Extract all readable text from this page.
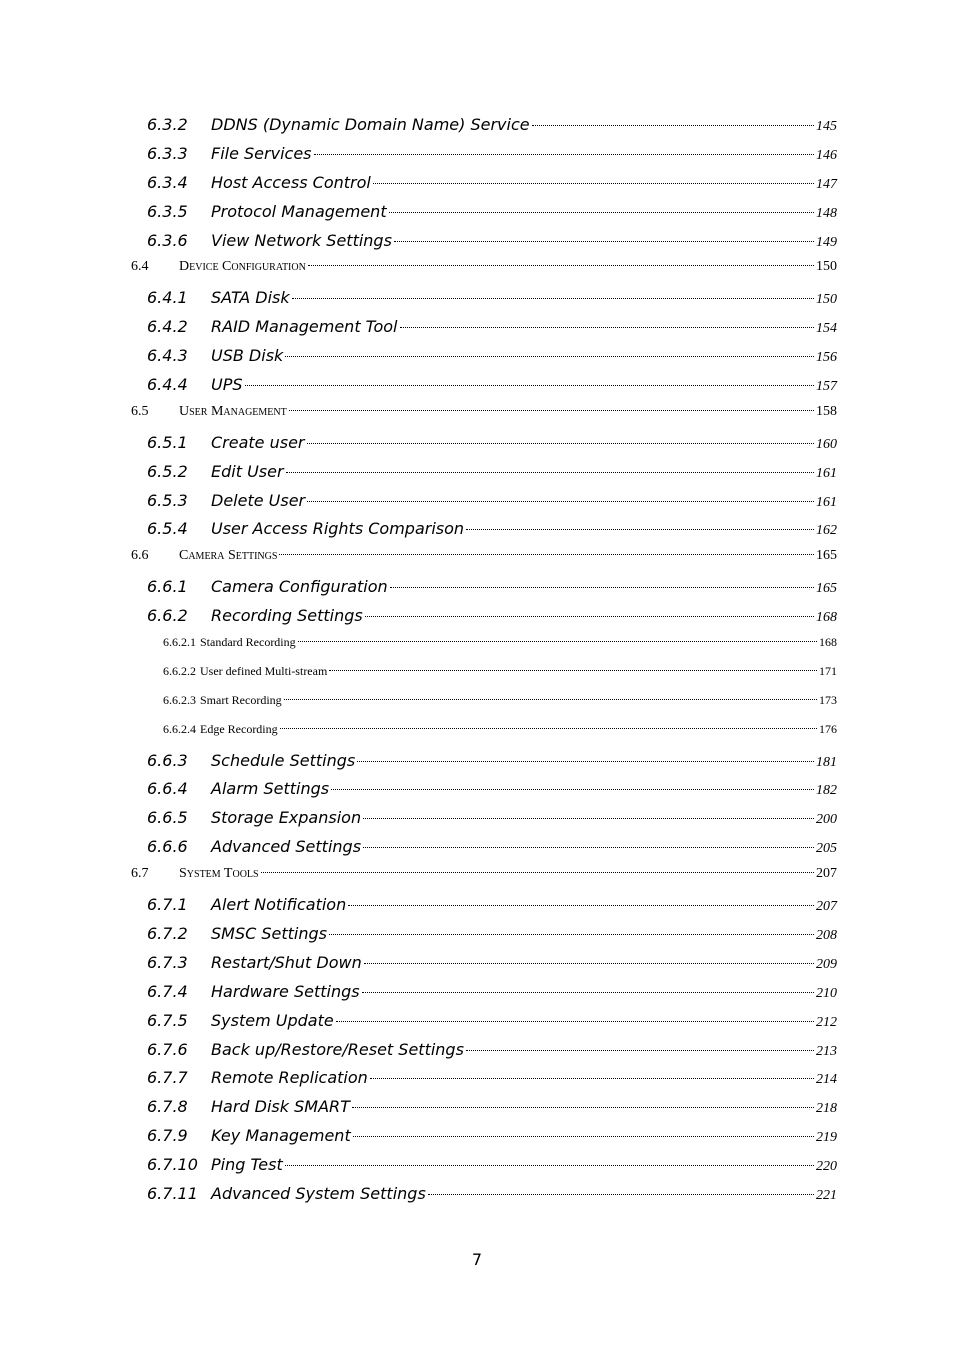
6.3.2	DDNS (Dynamic Domain Name) Service	145
6.3.3	File Services	146
6.3.4	Host Access Control	147
6.3.5	Protocol Management	148
6.3.6	View Network Settings	149
6.4	Device Configuration	150
6.4.1	SATA Disk	150
6.4.2	RAID Management Tool	154
6.4.3	USB Disk	156
6.4.4	UPS	157
6.5	User Management	158
6.5.1	Create user	160
6.5.2	Edit User	161
6.5.3	Delete User	161
6.5.4	User Access Rights Comparison	162
6.6	Camera Settings	165
6.6.1	Camera Configuration	165
6.6.2	Recording Settings	168
6.6.2.1 Standard Recording	168
6.6.2.2 User defined Multi-stream	171
6.6.2.3 Smart Recording	173
6.6.2.4 Edge Recording	176
6.6.3	Schedule Settings	181
6.6.4	Alarm Settings	182
6.6.5	Storage Expansion	200
6.6.6	Advanced Settings	205
6.7	System Tools	207
6.7.1	Alert Notification	207
6.7.2	SMSC Settings	208
6.7.3	Restart/Shut Down	209
6.7.4	Hardware Settings	210
6.7.5	System Update	212
6.7.6	Back up/Restore/Reset Settings	213
6.7.7	Remote Replication	214
6.7.8	Hard Disk SMART	218
6.7.9	Key Management	219
6.7.10 Ping Test	220
6.7.11 Advanced System Settings	221
7
